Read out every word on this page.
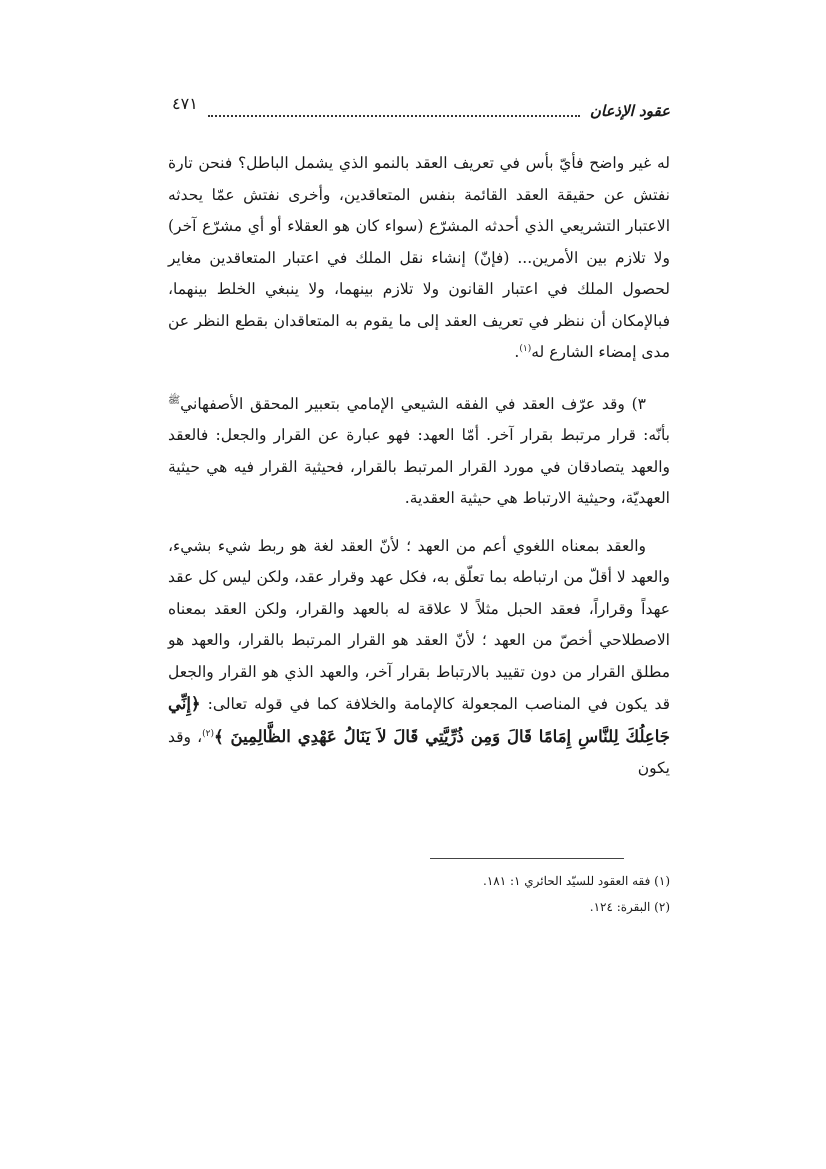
عقود الإذعان
٤٧١

له غير واضح فأيّ بأس في تعريف العقد بالنمو الذي يشمل الباطل؟ فنحن تارة نفتش عن حقيقة العقد القائمة بنفس المتعاقدين، وأخرى نفتش عمّا يحدثه الاعتبار التشريعي الذي أحدثه المشرّع (سواء كان هو العقلاء أو أي مشرّع آخر) ولا تلازم بين الأمرين... (فإنّ) إنشاء نقل الملك في اعتبار المتعاقدين مغاير لحصول الملك في اعتبار القانون ولا تلازم بينهما، ولا ينبغي الخلط بينهما، فبالإمكان أن ننظر في تعريف العقد إلى ما يقوم به المتعاقدان بقطع النظر عن مدى إمضاء الشارع له$^{(١)}$.

٣) وقد عرّف العقد في الفقه الشيعي الإمامي بتعبير المحقق الأصفهاني$^ﷺ$ بأنّه: قرار مرتبط بقرار آخر. أمّا العهد: فهو عبارة عن القرار والجعل: فالعقد والعهد يتصادقان في مورد القرار المرتبط بالقرار، فحيثية القرار فيه هي حيثية العهديّة، وحيثية الارتباط هي حيثية العقدية.

والعقد بمعناه اللغوي أعم من العهد ؛ لأنّ العقد لغة هو ربط شيء بشيء، والعهد لا أقلّ من ارتباطه بما تعلّق به، فكل عهد وقرار عقد، ولكن ليس كل عقد عهداً وقراراً، فعقد الحبل مثلاً لا علاقة له بالعهد والقرار، ولكن العقد بمعناه الاصطلاحي أخصّ من العهد ؛ لأنّ العقد هو القرار المرتبط بالقرار، والعهد هو مطلق القرار من دون تقييد بالارتباط بقرار آخر، والعهد الذي هو القرار والجعل قد يكون في المناصب المجعولة كالإمامة والخلافة كما في قوله تعالى: ﴿إِنِّي جَاعِلُكَ لِلنَّاسِ إِمَامًا قَالَ وَمِن ذُرِّيَّتِي قَالَ لاَ يَنَالُ عَهْدِي الظَّالِمِينَ ﴾$^{(٢)}$، وقد يكون

(١) فقه العقود للسيّد الحائري ١: ١٨١.
(٢) البقرة: ١٢٤.
